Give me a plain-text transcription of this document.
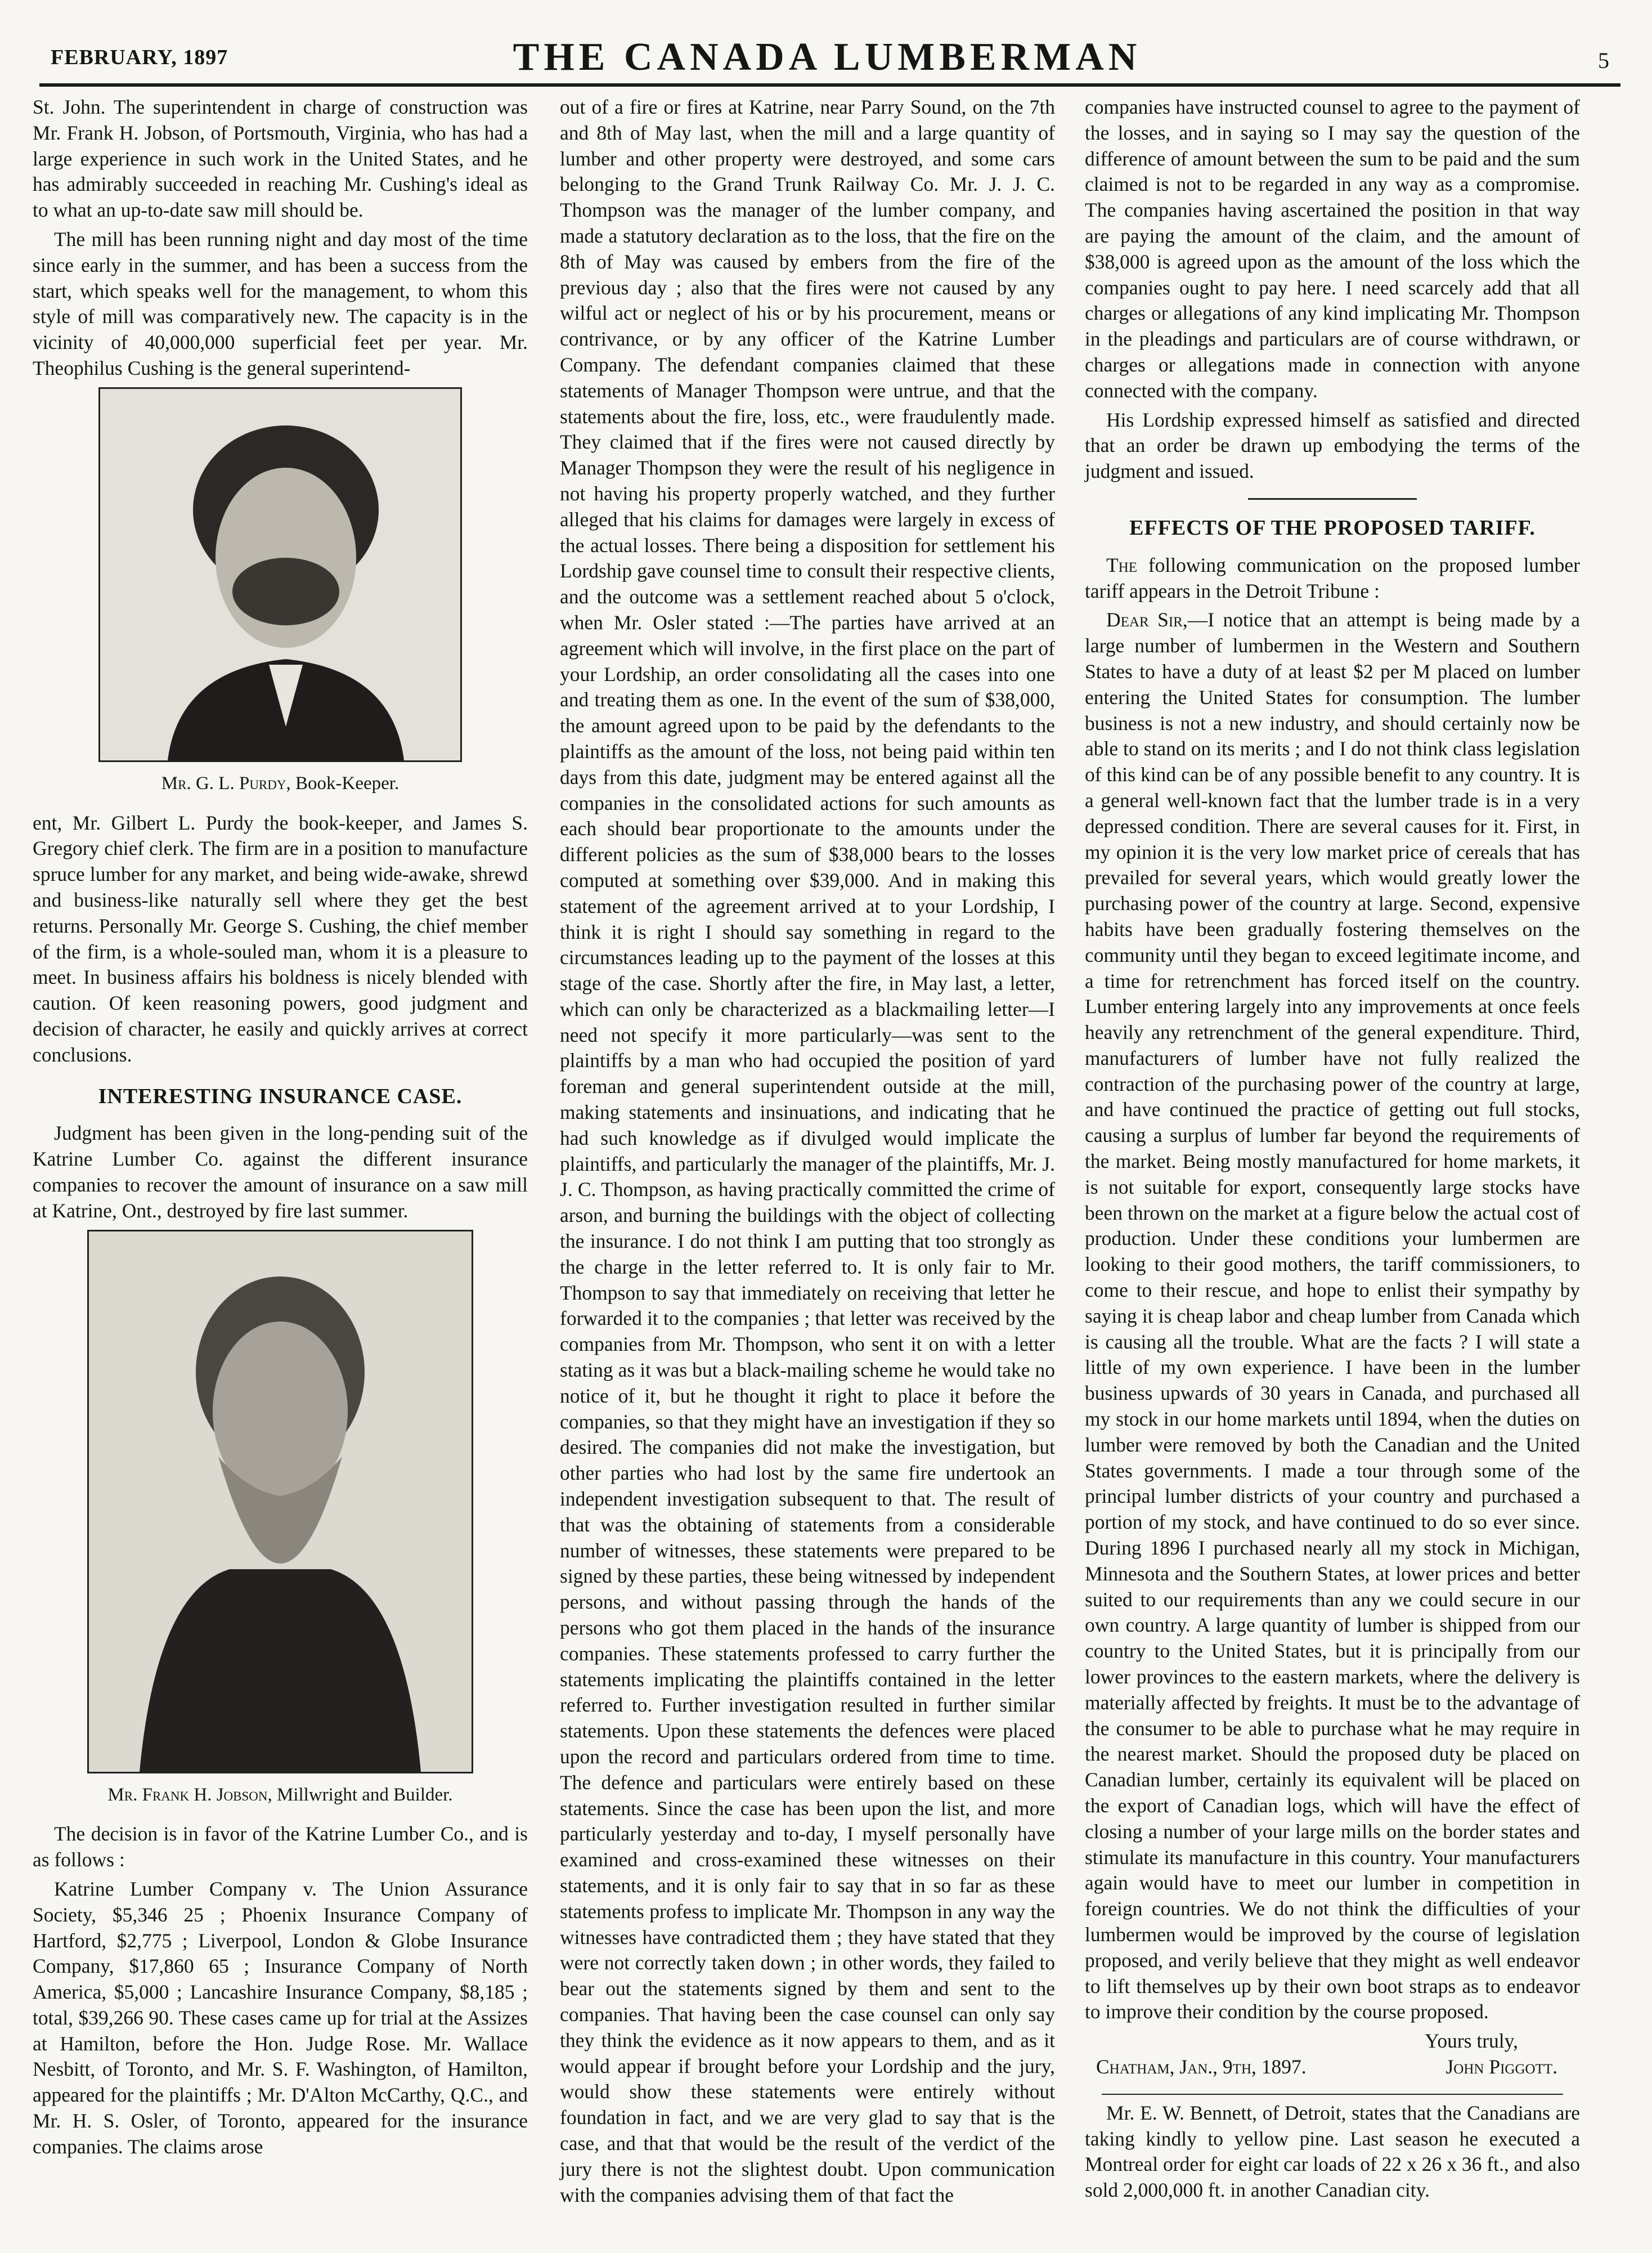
FEBRUARY, 1897	THE CANADA LUMBERMAN	5

St. John. The superintendent in charge of construction was Mr. Frank H. Jobson, of Portsmouth, Virginia, who has had a large experience in such work in the United States, and he has admirably succeeded in reaching Mr. Cushing's ideal as to what an up-to-date saw mill should be.

The mill has been running night and day most of the time since early in the summer, and has been a success from the start, which speaks well for the management, to whom this style of mill was comparatively new. The capacity is in the vicinity of 40,000,000 superficial feet per year. Mr. Theophilus Cushing is the general superintend-

Mr. G. L. Purdy, Book-Keeper.

ent, Mr. Gilbert L. Purdy the book-keeper, and James S. Gregory chief clerk. The firm are in a position to manufacture spruce lumber for any market, and being wide-awake, shrewd and business-like naturally sell where they get the best returns. Personally Mr. George S. Cushing, the chief member of the firm, is a whole-souled man, whom it is a pleasure to meet. In business affairs his boldness is nicely blended with caution. Of keen reasoning powers, good judgment and decision of character, he easily and quickly arrives at correct conclusions.

INTERESTING INSURANCE CASE.

Judgment has been given in the long-pending suit of the Katrine Lumber Co. against the different insurance companies to recover the amount of insurance on a saw mill at Katrine, Ont., destroyed by fire last summer.

Mr. Frank H. Jobson, Millwright and Builder.

The decision is in favor of the Katrine Lumber Co., and is as follows :

Katrine Lumber Company v. The Union Assurance Society, $5,346 25 ; Phoenix Insurance Company of Hartford, $2,775 ; Liverpool, London & Globe Insurance Company, $17,860 65 ; Insurance Company of North America, $5,000 ; Lancashire Insurance Company, $8,185 ; total, $39,266 90. These cases came up for trial at the Assizes at Hamilton, before the Hon. Judge Rose. Mr. Wallace Nesbitt, of Toronto, and Mr. S. F. Washington, of Hamilton, appeared for the plaintiffs ; Mr. D'Alton McCarthy, Q.C., and Mr. H. S. Osler, of Toronto, appeared for the insurance companies. The claims arose

out of a fire or fires at Katrine, near Parry Sound, on the 7th and 8th of May last, when the mill and a large quantity of lumber and other property were destroyed, and some cars belonging to the Grand Trunk Railway Co. Mr. J. J. C. Thompson was the manager of the lumber company, and made a statutory declaration as to the loss, that the fire on the 8th of May was caused by embers from the fire of the previous day ; also that the fires were not caused by any wilful act or neglect of his or by his procurement, means or contrivance, or by any officer of the Katrine Lumber Company. The defendant companies claimed that these statements of Manager Thompson were untrue, and that the statements about the fire, loss, etc., were fraudulently made. They claimed that if the fires were not caused directly by Manager Thompson they were the result of his negligence in not having his property properly watched, and they further alleged that his claims for damages were largely in excess of the actual losses. There being a disposition for settlement his Lordship gave counsel time to consult their respective clients, and the outcome was a settlement reached about 5 o'clock, when Mr. Osler stated :—The parties have arrived at an agreement which will involve, in the first place on the part of your Lordship, an order consolidating all the cases into one and treating them as one. In the event of the sum of $38,000, the amount agreed upon to be paid by the defendants to the plaintiffs as the amount of the loss, not being paid within ten days from this date, judgment may be entered against all the companies in the consolidated actions for such amounts as each should bear proportionate to the amounts under the different policies as the sum of $38,000 bears to the losses computed at something over $39,000. And in making this statement of the agreement arrived at to your Lordship, I think it is right I should say something in regard to the circumstances leading up to the payment of the losses at this stage of the case. Shortly after the fire, in May last, a letter, which can only be characterized as a blackmailing letter—I need not specify it more particularly—was sent to the plaintiffs by a man who had occupied the position of yard foreman and general superintendent outside at the mill, making statements and insinuations, and indicating that he had such knowledge as if divulged would implicate the plaintiffs, and particularly the manager of the plaintiffs, Mr. J. J. C. Thompson, as having practically committed the crime of arson, and burning the buildings with the object of collecting the insurance. I do not think I am putting that too strongly as the charge in the letter referred to. It is only fair to Mr. Thompson to say that immediately on receiving that letter he forwarded it to the companies ; that letter was received by the companies from Mr. Thompson, who sent it on with a letter stating as it was but a black-mailing scheme he would take no notice of it, but he thought it right to place it before the companies, so that they might have an investigation if they so desired. The companies did not make the investigation, but other parties who had lost by the same fire undertook an independent investigation subsequent to that. The result of that was the obtaining of statements from a considerable number of witnesses, these statements were prepared to be signed by these parties, these being witnessed by independent persons, and without passing through the hands of the persons who got them placed in the hands of the insurance companies. These statements professed to carry further the statements implicating the plaintiffs contained in the letter referred to. Further investigation resulted in further similar statements. Upon these statements the defences were placed upon the record and particulars ordered from time to time. The defence and particulars were entirely based on these statements. Since the case has been upon the list, and more particularly yesterday and to-day, I myself personally have examined and cross-examined these witnesses on their statements, and it is only fair to say that in so far as these statements profess to implicate Mr. Thompson in any way the witnesses have contradicted them ; they have stated that they were not correctly taken down ; in other words, they failed to bear out the statements signed by them and sent to the companies. That having been the case counsel can only say they think the evidence as it now appears to them, and as it would appear if brought before your Lordship and the jury, would show these statements were entirely without foundation in fact, and we are very glad to say that is the case, and that that would be the result of the verdict of the jury there is not the slightest doubt. Upon communication with the companies advising them of that fact the

companies have instructed counsel to agree to the payment of the losses, and in saying so I may say the question of the difference of amount between the sum to be paid and the sum claimed is not to be regarded in any way as a compromise. The companies having ascertained the position in that way are paying the amount of the claim, and the amount of $38,000 is agreed upon as the amount of the loss which the companies ought to pay here. I need scarcely add that all charges or allegations of any kind implicating Mr. Thompson in the pleadings and particulars are of course withdrawn, or charges or allegations made in connection with anyone connected with the company.

His Lordship expressed himself as satisfied and directed that an order be drawn up embodying the terms of the judgment and issued.

EFFECTS OF THE PROPOSED TARIFF.

The following communication on the proposed lumber tariff appears in the Detroit Tribune :

Dear Sir,—I notice that an attempt is being made by a large number of lumbermen in the Western and Southern States to have a duty of at least $2 per M placed on lumber entering the United States for consumption. The lumber business is not a new industry, and should certainly now be able to stand on its merits ; and I do not think class legislation of this kind can be of any possible benefit to any country. It is a general well-known fact that the lumber trade is in a very depressed condition. There are several causes for it. First, in my opinion it is the very low market price of cereals that has prevailed for several years, which would greatly lower the purchasing power of the country at large. Second, expensive habits have been gradually fostering themselves on the community until they began to exceed legitimate income, and a time for retrenchment has forced itself on the country. Lumber entering largely into any improvements at once feels heavily any retrenchment of the general expenditure. Third, manufacturers of lumber have not fully realized the contraction of the purchasing power of the country at large, and have continued the practice of getting out full stocks, causing a surplus of lumber far beyond the requirements of the market. Being mostly manufactured for home markets, it is not suitable for export, consequently large stocks have been thrown on the market at a figure below the actual cost of production. Under these conditions your lumbermen are looking to their good mothers, the tariff commissioners, to come to their rescue, and hope to enlist their sympathy by saying it is cheap labor and cheap lumber from Canada which is causing all the trouble. What are the facts ? I will state a little of my own experience. I have been in the lumber business upwards of 30 years in Canada, and purchased all my stock in our home markets until 1894, when the duties on lumber were removed by both the Canadian and the United States governments. I made a tour through some of the principal lumber districts of your country and purchased a portion of my stock, and have continued to do so ever since. During 1896 I purchased nearly all my stock in Michigan, Minnesota and the Southern States, at lower prices and better suited to our requirements than any we could secure in our own country. A large quantity of lumber is shipped from our country to the United States, but it is principally from our lower provinces to the eastern markets, where the delivery is materially affected by freights. It must be to the advantage of the consumer to be able to purchase what he may require in the nearest market. Should the proposed duty be placed on Canadian lumber, certainly its equivalent will be placed on the export of Canadian logs, which will have the effect of closing a number of your large mills on the border states and stimulate its manufacture in this country. Your manufacturers again would have to meet our lumber in competition in foreign countries. We do not think the difficulties of your lumbermen would be improved by the course of legislation proposed, and verily believe that they might as well endeavor to lift themselves up by their own boot straps as to endeavor to improve their condition by the course proposed.

Yours truly,
Chatham, Jan., 9th, 1897.	John Piggott.

Mr. E. W. Bennett, of Detroit, states that the Canadians are taking kindly to yellow pine. Last season he executed a Montreal order for eight car loads of 22 x 26 x 36 ft., and also sold 2,000,000 ft. in another Canadian city.
